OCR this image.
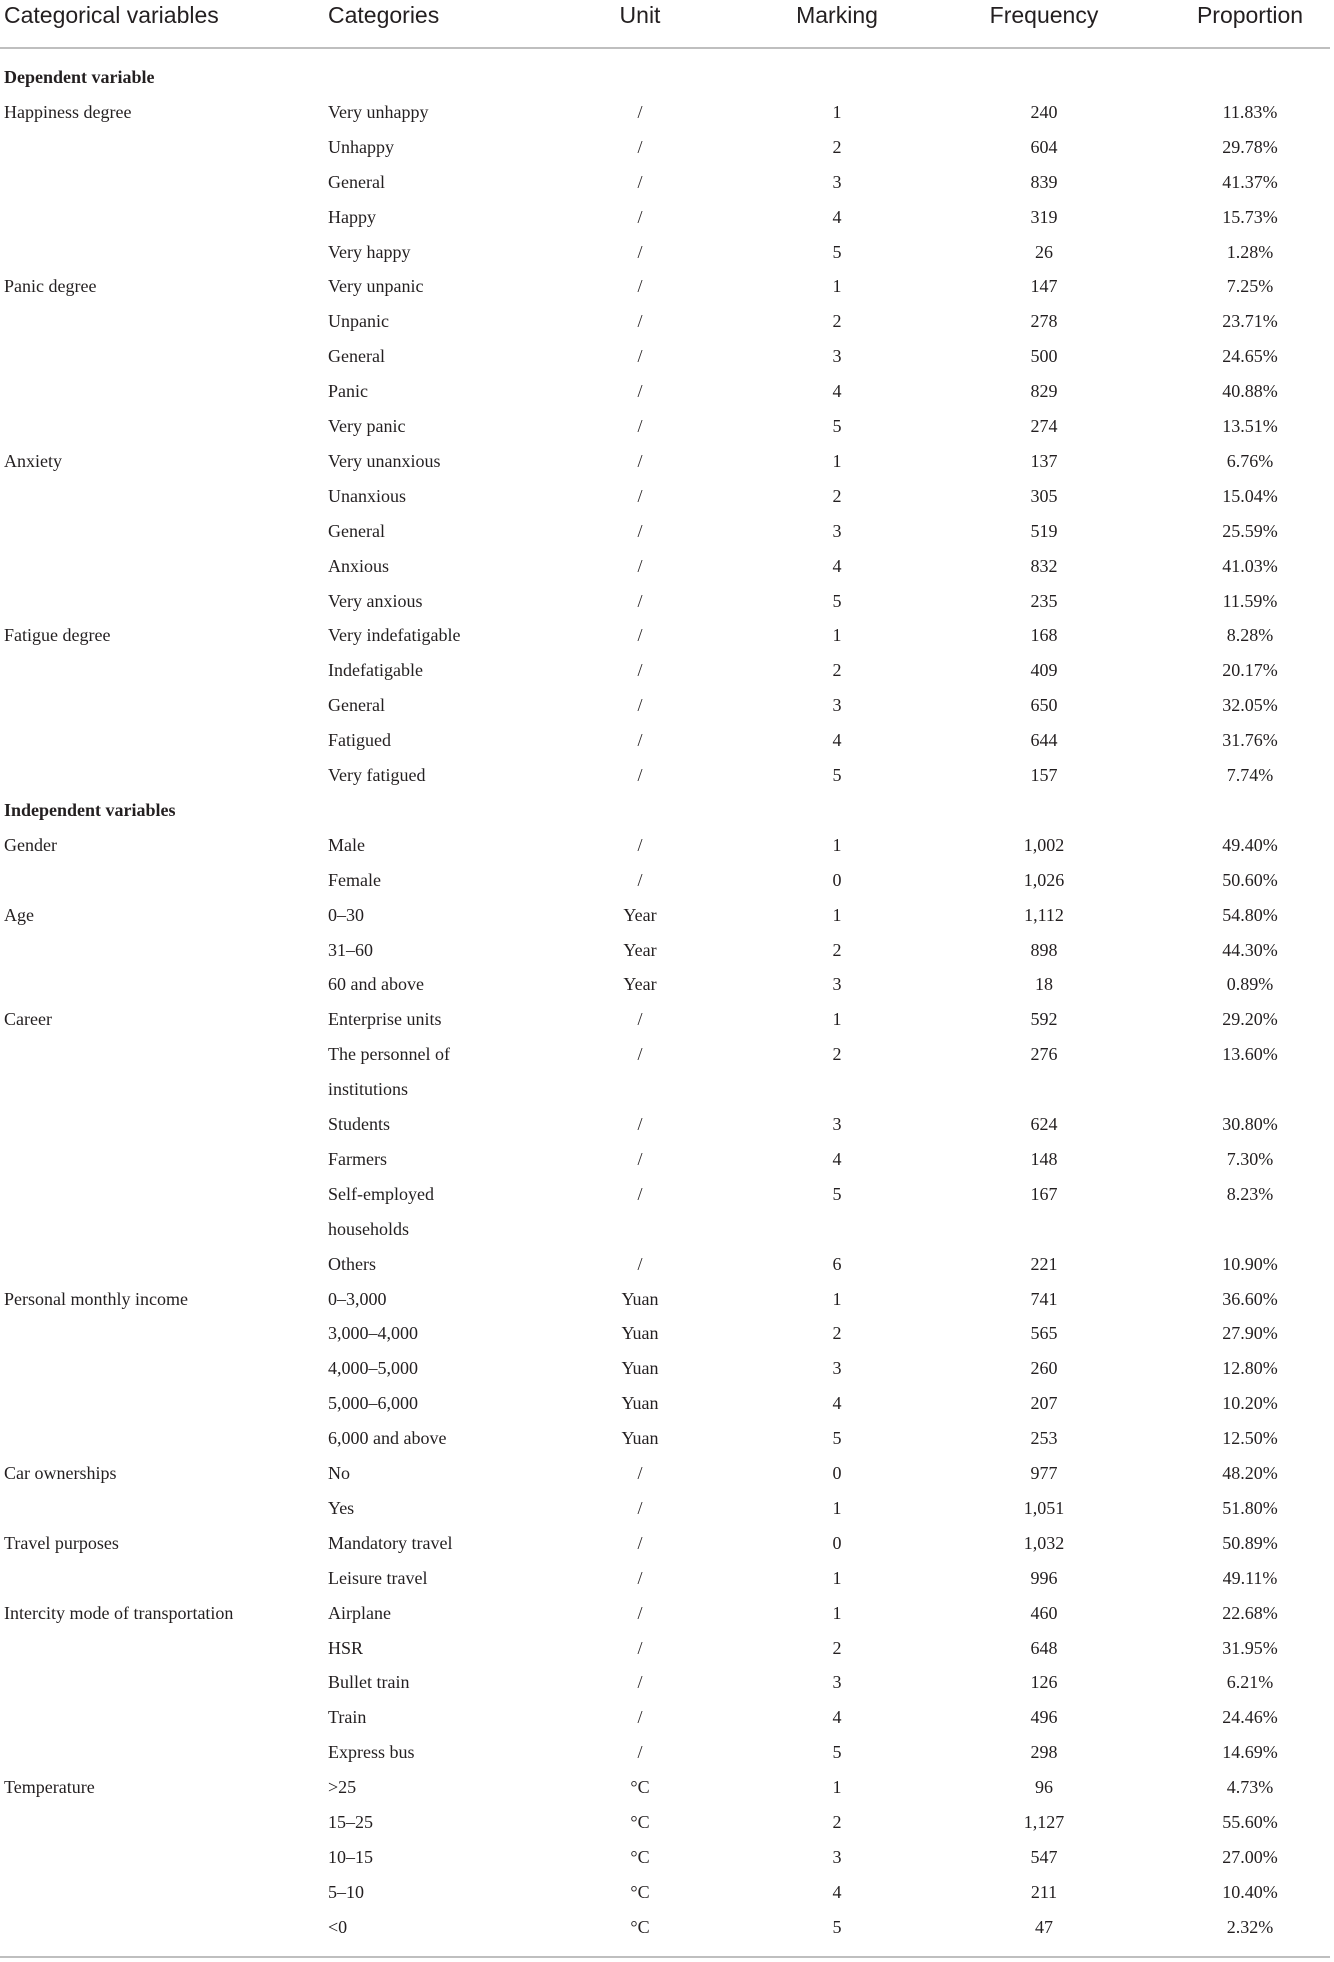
Categorical variables	Categories	Unit	Marking	Frequency	Proportion
Dependent variable
Happiness degree	Very unhappy	/	1	240	11.83%
Unhappy	/	2	604	29.78%
General	/	3	839	41.37%
Happy	/	4	319	15.73%
Very happy	/	5	26	1.28%
Panic degree	Very unpanic	/	1	147	7.25%
Unpanic	/	2	278	23.71%
General	/	3	500	24.65%
Panic	/	4	829	40.88%
Very panic	/	5	274	13.51%
Anxiety	Very unanxious	/	1	137	6.76%
Unanxious	/	2	305	15.04%
General	/	3	519	25.59%
Anxious	/	4	832	41.03%
Very anxious	/	5	235	11.59%
Fatigue degree	Very indefatigable	/	1	168	8.28%
Indefatigable	/	2	409	20.17%
General	/	3	650	32.05%
Fatigued	/	4	644	31.76%
Very fatigued	/	5	157	7.74%
Independent variables
Gender	Male	/	1	1,002	49.40%
Female	/	0	1,026	50.60%
Age	0–30	Year	1	1,112	54.80%
31–60	Year	2	898	44.30%
60 and above	Year	3	18	0.89%
Career	Enterprise units	/	1	592	29.20%
The personnel of	/	2	276	13.60%
institutions
Students	/	3	624	30.80%
Farmers	/	4	148	7.30%
Self-employed	/	5	167	8.23%
households
Others	/	6	221	10.90%
Personal monthly income	0–3,000	Yuan	1	741	36.60%
3,000–4,000	Yuan	2	565	27.90%
4,000–5,000	Yuan	3	260	12.80%
5,000–6,000	Yuan	4	207	10.20%
6,000 and above	Yuan	5	253	12.50%
Car ownerships	No	/	0	977	48.20%
Yes	/	1	1,051	51.80%
Travel purposes	Mandatory travel	/	0	1,032	50.89%
Leisure travel	/	1	996	49.11%
Intercity mode of transportation	Airplane	/	1	460	22.68%
HSR	/	2	648	31.95%
Bullet train	/	3	126	6.21%
Train	/	4	496	24.46%
Express bus	/	5	298	14.69%
Temperature	>25	°C	1	96	4.73%
15–25	°C	2	1,127	55.60%
10–15	°C	3	547	27.00%
5–10	°C	4	211	10.40%
<0	°C	5	47	2.32%
